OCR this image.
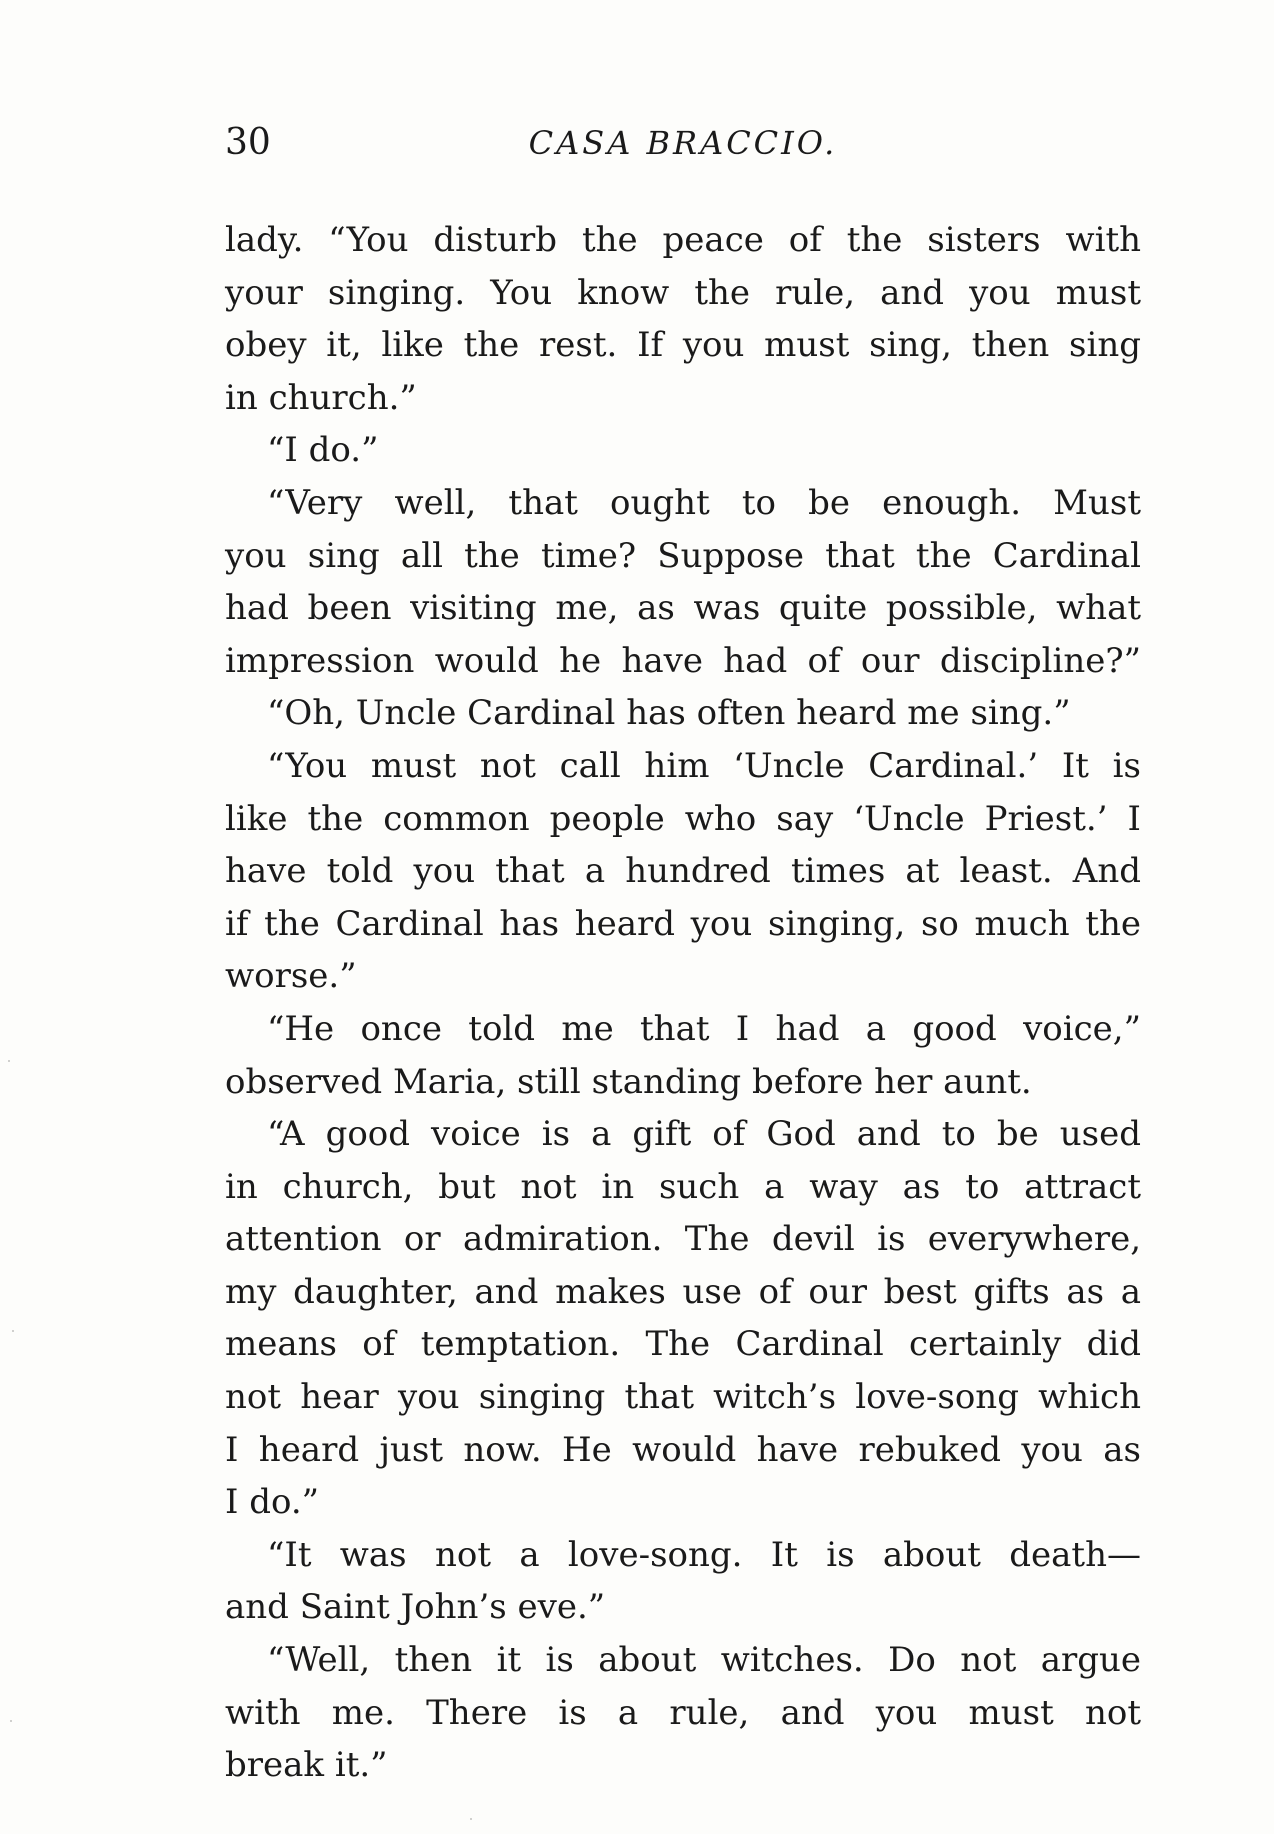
30	CASA BRACCIO.
lady. “You disturb the peace of the sisters with
your singing. You know the rule, and you must
obey it, like the rest. If you must sing, then sing
in church.”
“I do.”
“Very well, that ought to be enough. Must
you sing all the time? Suppose that the Cardinal
had been visiting me, as was quite possible, what
impression would he have had of our discipline?”
“Oh, Uncle Cardinal has often heard me sing.”
“You must not call him ‘Uncle Cardinal.’ It is
like the common people who say ‘Uncle Priest.’ I
have told you that a hundred times at least. And
if the Cardinal has heard you singing, so much the
worse.”
“He once told me that I had a good voice,”
observed Maria, still standing before her aunt.
“A good voice is a gift of God and to be used
in church, but not in such a way as to attract
attention or admiration. The devil is everywhere,
my daughter, and makes use of our best gifts as a
means of temptation. The Cardinal certainly did
not hear you singing that witch’s love-song which
I heard just now. He would have rebuked you as
I do.”
“It was not a love-song. It is about death—
and Saint John’s eve.”
“Well, then it is about witches. Do not argue
with me. There is a rule, and you must not
break it.”
